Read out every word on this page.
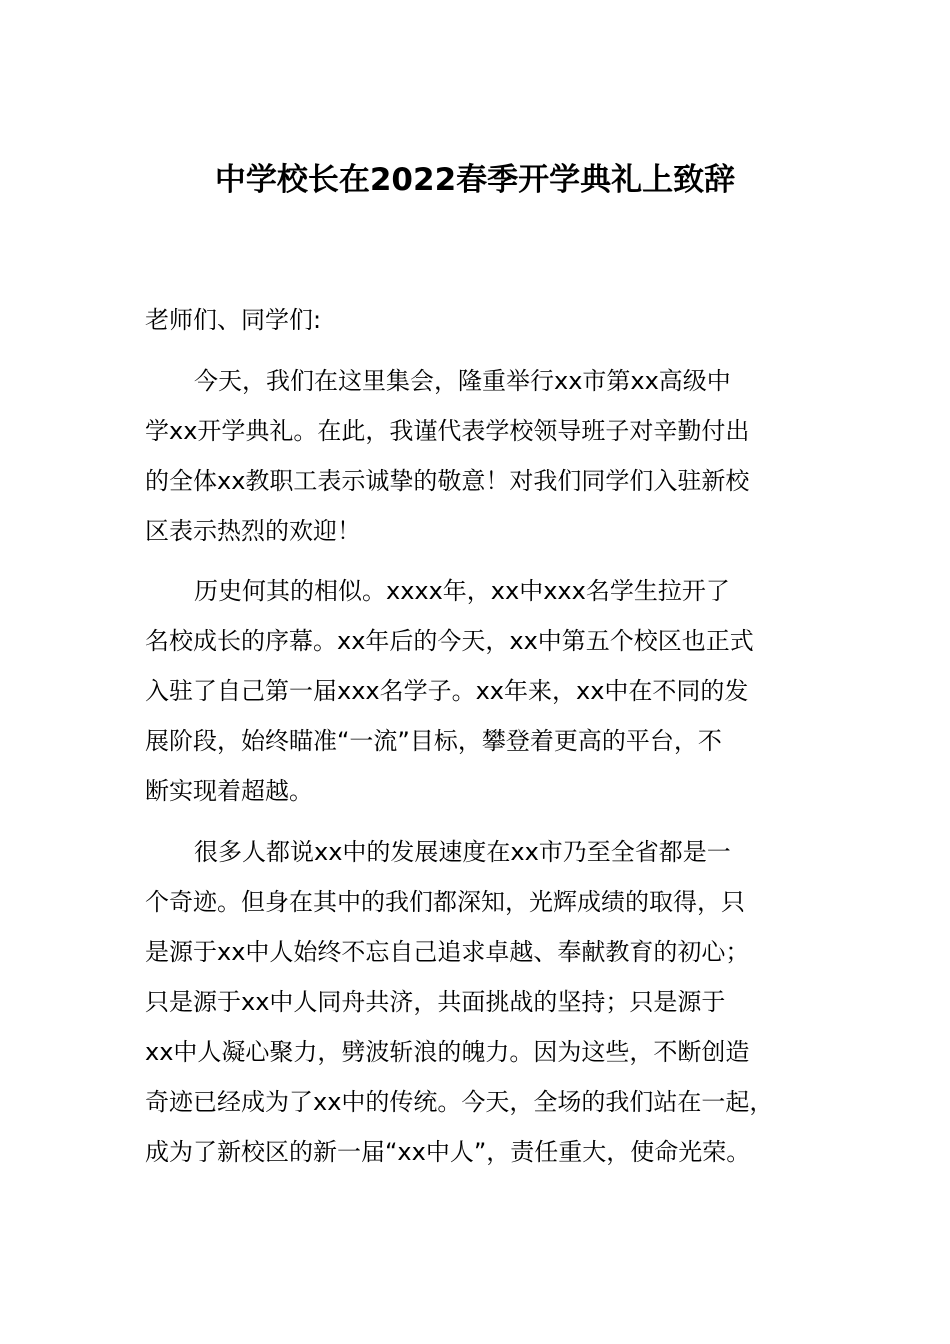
中学校长在2022春季开学典礼上致辞
老师们、同学们:
今天，我们在这里集会，隆重举行xx市第xx高级中
学xx开学典礼。在此，我谨代表学校领导班子对辛勤付出
的全体xx教职工表示诚挚的敬意！对我们同学们入驻新校
区表示热烈的欢迎！
历史何其的相似。xxxx年，xx中xxx名学生拉开了
名校成长的序幕。xx年后的今天，xx中第五个校区也正式
入驻了自己第一届xxx名学子。xx年来，xx中在不同的发
展阶段，始终瞄准“一流”目标，攀登着更高的平台，不
断实现着超越。
很多人都说xx中的发展速度在xx市乃至全省都是一
个奇迹。但身在其中的我们都深知，光辉成绩的取得，只
是源于xx中人始终不忘自己追求卓越、奉献教育的初心；
只是源于xx中人同舟共济，共面挑战的坚持；只是源于
xx中人凝心聚力，劈波斩浪的魄力。因为这些，不断创造
奇迹已经成为了xx中的传统。今天，全场的我们站在一起，
成为了新校区的新一届“xx中人”，责任重大，使命光荣。
